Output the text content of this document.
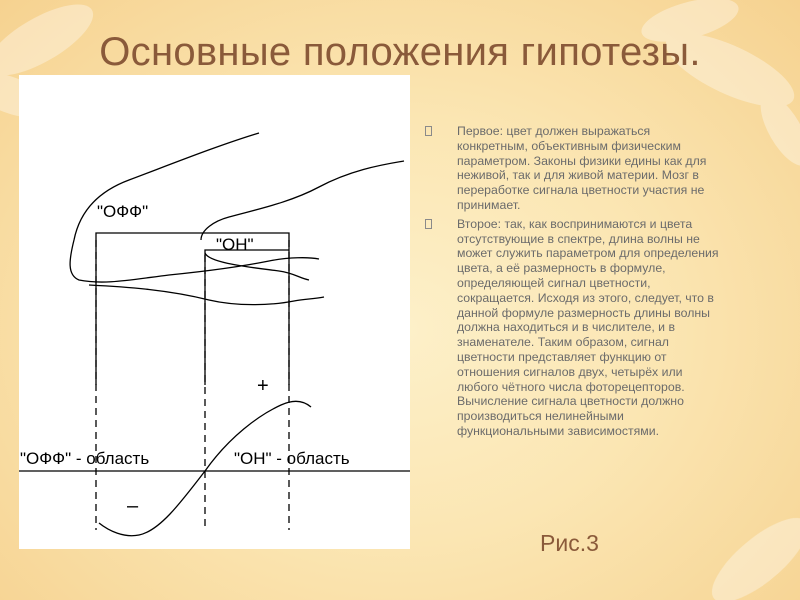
Основные положения гипотезы.
"ОФФ"
"ОН"
+
"ОФФ" - область	"ОН" - область
–
Первое: цвет должен выражаться конкретным, объективным физическим параметром. Законы физики едины как для неживой, так и для живой материи. Мозг в переработке сигнала цветности участия не принимает.
Второе: так, как воспринимаются и цвета отсутствующие в спектре, длина волны не может служить параметром для определения цвета, а её размерность в формуле, определяющей сигнал цветности, сокращается. Исходя из этого, следует, что в данной формуле размерность длины волны должна находиться и в числителе, и в знаменателе. Таким образом, сигнал цветности представляет функцию от отношения сигналов двух, четырёх или любого чётного числа фоторецепторов. Вычисление сигнала цветности должно производиться нелинейными функциональными зависимостями.
Рис.3
